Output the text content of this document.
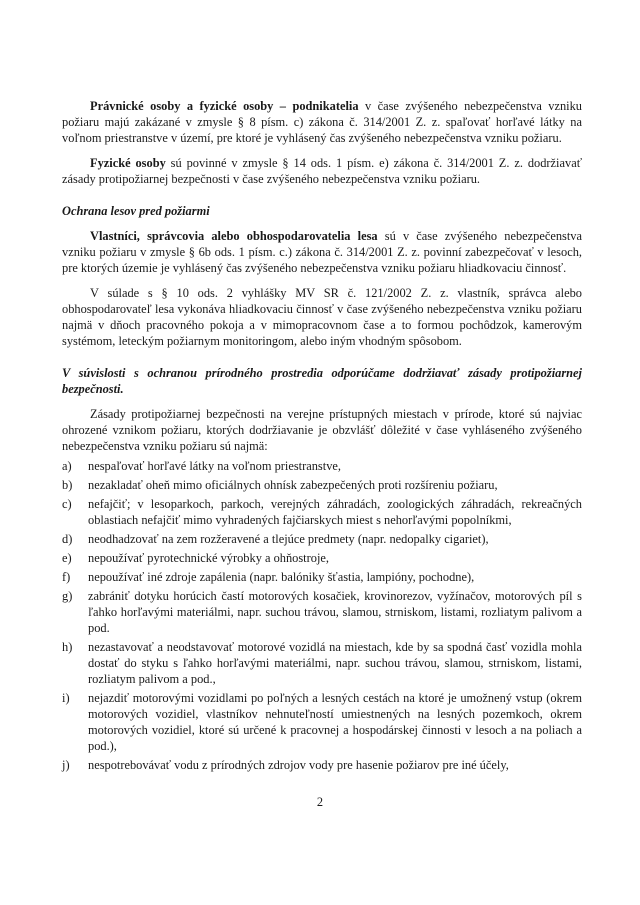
Právnické osoby a fyzické osoby – podnikatelia v čase zvýšeného nebezpečenstva vzniku požiaru majú zakázané v zmysle § 8 písm. c) zákona č. 314/2001 Z. z. spaľovať horľavé látky na voľnom priestranstve v území, pre ktoré je vyhlásený čas zvýšeného nebezpečenstva vzniku požiaru.

Fyzické osoby sú povinné v zmysle § 14 ods. 1 písm. e) zákona č. 314/2001 Z. z. dodržiavať zásady protipožiarnej bezpečnosti v čase zvýšeného nebezpečenstva vzniku požiaru.

Ochrana lesov pred požiarmi

Vlastníci, správcovia alebo obhospodarovatelia lesa sú v čase zvýšeného nebezpečenstva vzniku požiaru v zmysle § 6b ods. 1 písm. c.) zákona č. 314/2001 Z. z. povinní zabezpečovať v lesoch, pre ktorých územie je vyhlásený čas zvýšeného nebezpečenstva vzniku požiaru hliadkovaciu činnosť.

V súlade s § 10 ods. 2 vyhlášky MV SR č. 121/2002 Z. z. vlastník, správca alebo obhospodarovateľ lesa vykonáva hliadkovaciu činnosť v čase zvýšeného nebezpečenstva vzniku požiaru najmä v dňoch pracovného pokoja a v mimopracovnom čase a to formou pochôdzok, kamerovým systémom, leteckým požiarnym monitoringom, alebo iným vhodným spôsobom.

V súvislosti s ochranou prírodného prostredia odporúčame dodržiavať zásady protipožiarnej bezpečnosti.

Zásady protipožiarnej bezpečnosti na verejne prístupných miestach v prírode, ktoré sú najviac ohrozené vznikom požiaru, ktorých dodržiavanie je obzvlášť dôležité v čase vyhláseného zvýšeného nebezpečenstva vzniku požiaru sú najmä:

a) nespaľovať horľavé látky na voľnom priestranstve,
b) nezakladať oheň mimo oficiálnych ohnísk zabezpečených proti rozšíreniu požiaru,
c) nefajčiť; v lesoparkoch, parkoch, verejných záhradách, zoologických záhradách, rekreačných oblastiach nefajčiť mimo vyhradených fajčiarskych miest s nehorľavými popolníkmi,
d) neodhadzovať na zem rozžeravené a tlejúce predmety (napr. nedopalky cigariet),
e) nepoužívať pyrotechnické výrobky a ohňostroje,
f) nepoužívať iné zdroje zapálenia (napr. balóniky šťastia, lampióny, pochodne),
g) zabrániť dotyku horúcich častí motorových kosačiek, krovinorezov, vyžínačov, motorových píl s ľahko horľavými materiálmi, napr. suchou trávou, slamou, strniskom, listami, rozliatym palivom a pod.
h) nezastavovať a neodstavovať motorové vozidlá na miestach, kde by sa spodná časť vozidla mohla dostať do styku s ľahko horľavými materiálmi, napr. suchou trávou, slamou, strniskom, listami, rozliatym palivom a pod.,
i) nejazdiť motorovými vozidlami po poľných a lesných cestách na ktoré je umožnený vstup (okrem motorových vozidiel, vlastníkov nehnuteľností umiestnených na lesných pozemkoch, okrem motorových vozidiel, ktoré sú určené k pracovnej a hospodárskej činnosti v lesoch a na poliach a pod.),
j) nespotrebovávať vodu z prírodných zdrojov vody pre hasenie požiarov pre iné účely,
2
